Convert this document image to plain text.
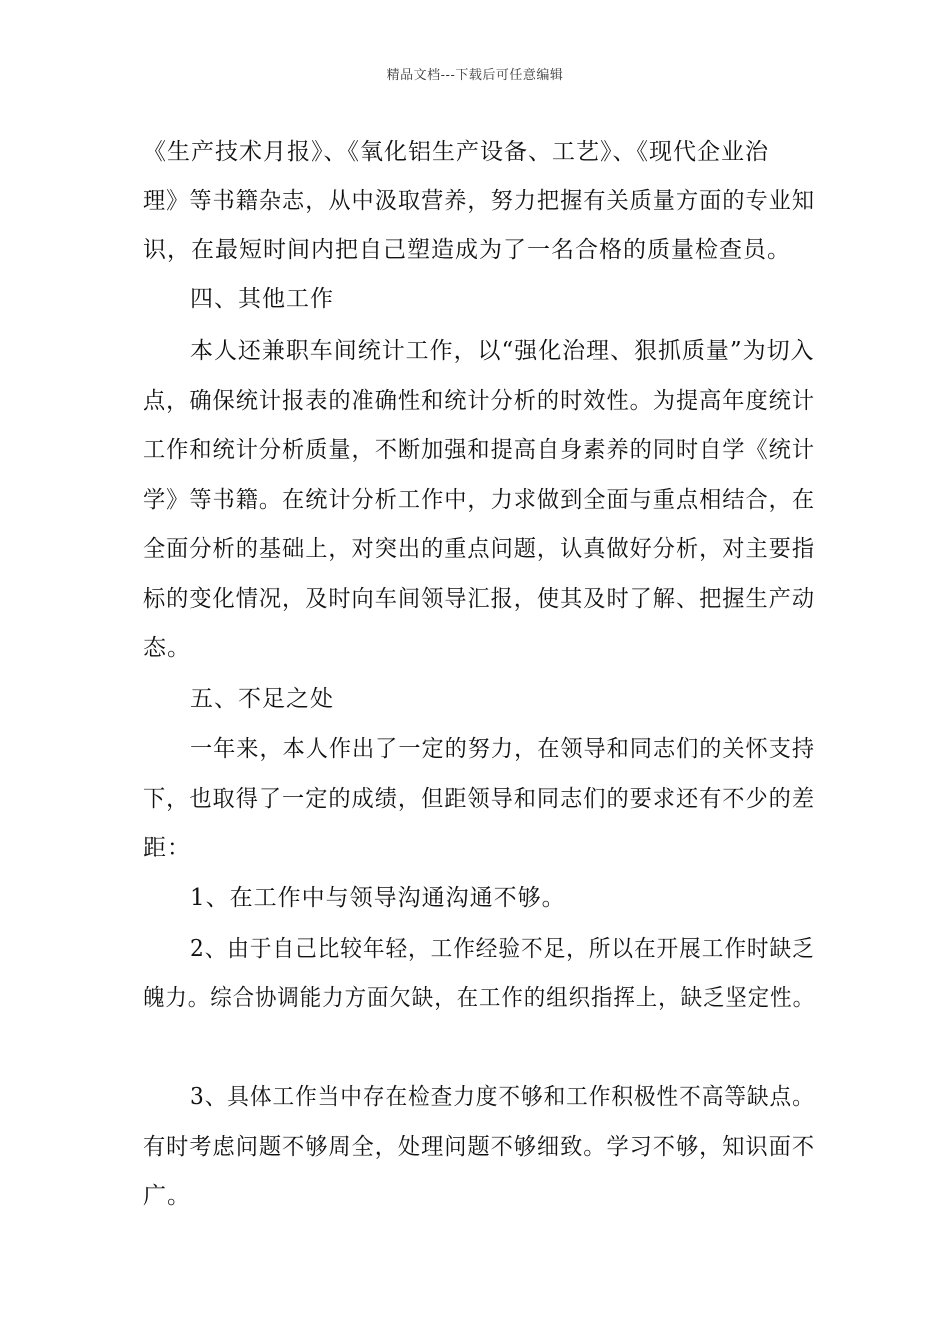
精品文档---下载后可任意编辑
《生产技术月报》、《氧化铝生产设备、工艺》、《现代企业治
理》等书籍杂志，从中汲取营养，努力把握有关质量方面的专业知
识，在最短时间内把自己塑造成为了一名合格的质量检查员。
四、其他工作
本人还兼职车间统计工作，以“强化治理、狠抓质量”为切入
点，确保统计报表的准确性和统计分析的时效性。为提高年度统计
工作和统计分析质量，不断加强和提高自身素养的同时自学《统计
学》等书籍。在统计分析工作中，力求做到全面与重点相结合，在
全面分析的基础上，对突出的重点问题，认真做好分析，对主要指
标的变化情况，及时向车间领导汇报，使其及时了解、把握生产动
态。
五、不足之处
一年来，本人作出了一定的努力，在领导和同志们的关怀支持
下，也取得了一定的成绩，但距领导和同志们的要求还有不少的差
距：
1、在工作中与领导沟通沟通不够。
2、由于自己比较年轻，工作经验不足，所以在开展工作时缺乏
魄力。综合协调能力方面欠缺，在工作的组织指挥上，缺乏坚定性。
3、具体工作当中存在检查力度不够和工作积极性不高等缺点。
有时考虑问题不够周全，处理问题不够细致。学习不够，知识面不
广。
